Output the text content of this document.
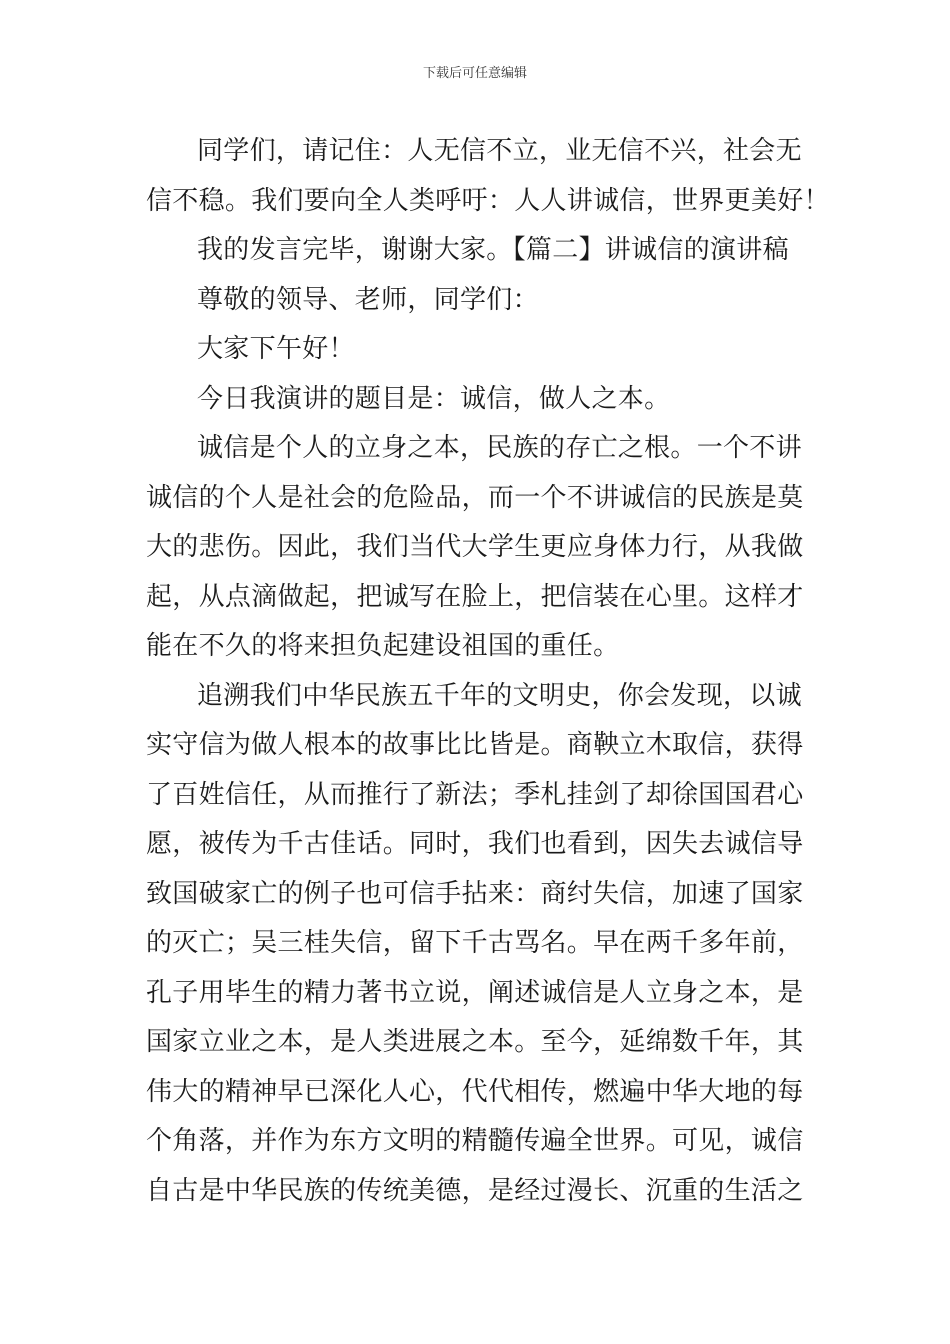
下载后可任意编辑
同学们，请记住：人无信不立，业无信不兴，社会无
信不稳。我们要向全人类呼吁：人人讲诚信，世界更美好！
我的发言完毕，谢谢大家。【篇二】讲诚信的演讲稿
尊敬的领导、老师，同学们：
大家下午好！
今日我演讲的题目是：诚信，做人之本。
诚信是个人的立身之本，民族的存亡之根。一个不讲
诚信的个人是社会的危险品，而一个不讲诚信的民族是莫
大的悲伤。因此，我们当代大学生更应身体力行，从我做
起，从点滴做起，把诚写在脸上，把信装在心里。这样才
能在不久的将来担负起建设祖国的重任。
追溯我们中华民族五千年的文明史，你会发现，以诚
实守信为做人根本的故事比比皆是。商鞅立木取信，获得
了百姓信任，从而推行了新法；季札挂剑了却徐国国君心
愿，被传为千古佳话。同时，我们也看到，因失去诚信导
致国破家亡的例子也可信手拈来：商纣失信，加速了国家
的灭亡；吴三桂失信，留下千古骂名。早在两千多年前，
孔子用毕生的精力著书立说，阐述诚信是人立身之本，是
国家立业之本，是人类进展之本。至今，延绵数千年，其
伟大的精神早已深化人心，代代相传，燃遍中华大地的每
个角落，并作为东方文明的精髓传遍全世界。可见，诚信
自古是中华民族的传统美德，是经过漫长、沉重的生活之
